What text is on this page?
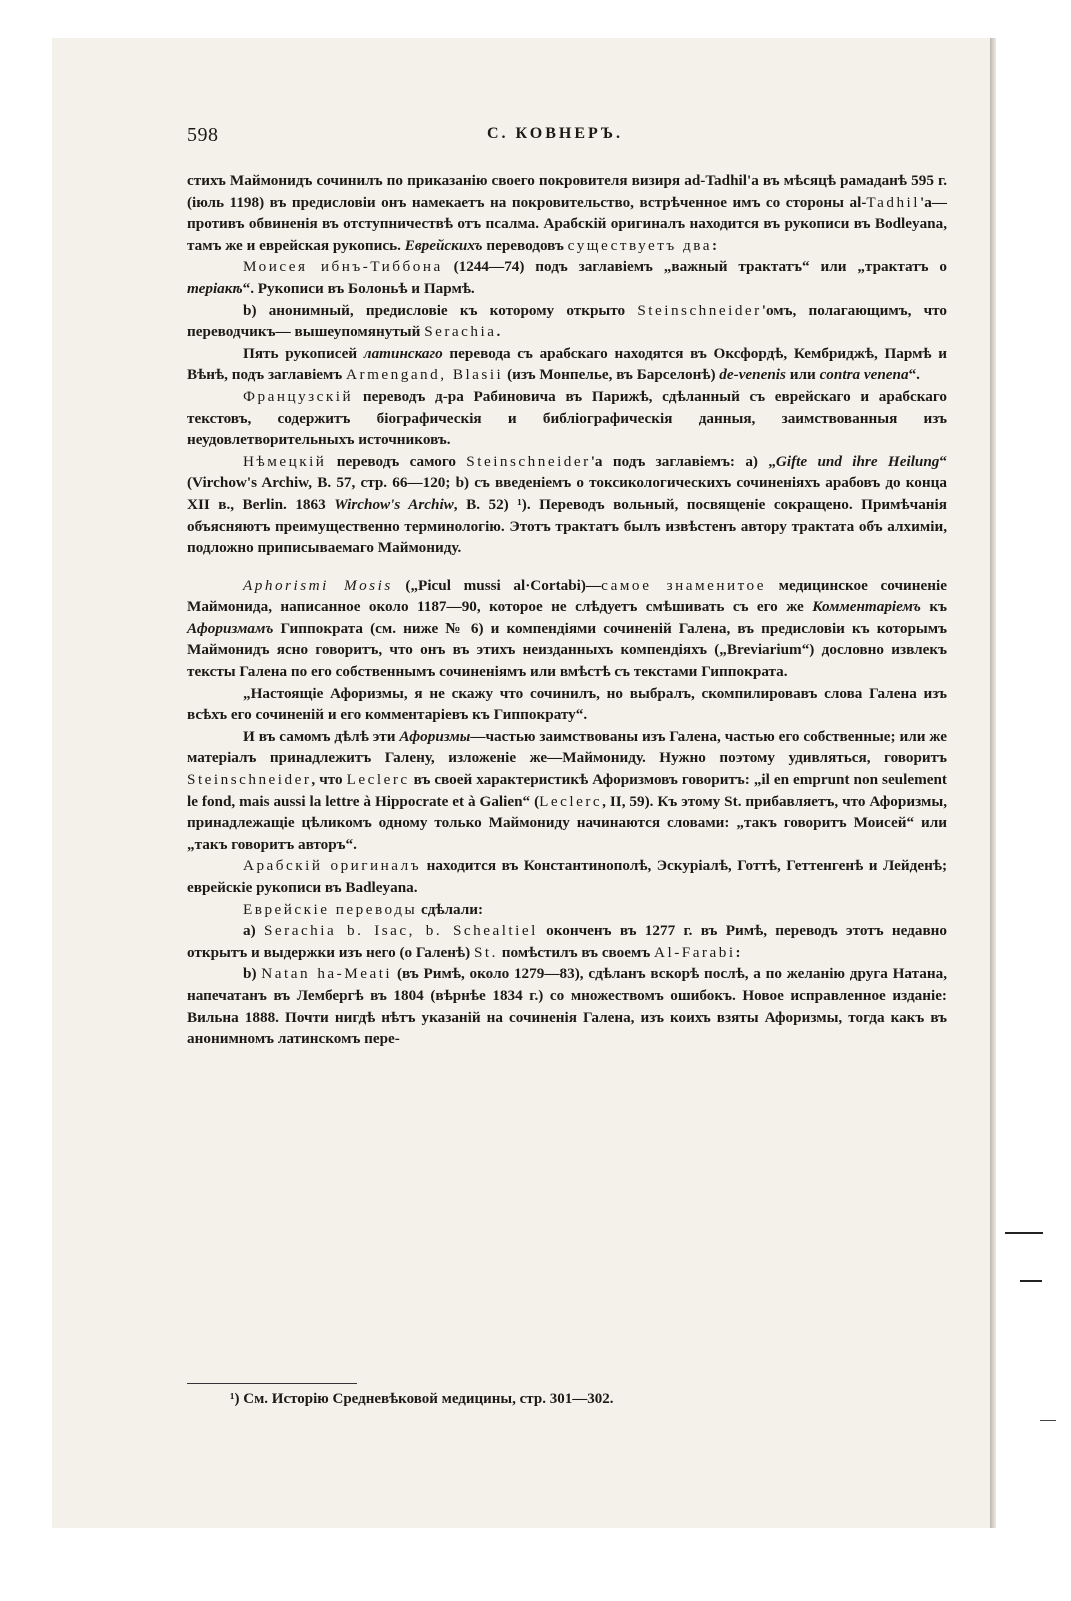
598	С. КОВНЕРЪ.

стихъ Маймонидъ сочинилъ по приказанію своего покровителя визиря ad-Tadhil'a въ мѣсяцѣ рамаданѣ 595 г. (іюль 1198) въ предисловіи онъ намекаетъ на покровительство, встрѣченное имъ со стороны al-Tadhil'a—противъ обвиненія въ отступничествѣ отъ псалма. Арабскій оригиналъ находится въ рукописи въ Bodleyana, тамъ же и еврейская рукопись. Еврейскихъ переводовъ существуетъ два:

Моисея ибнъ-Тиббона (1244—74) подъ заглавіемъ „важный трактатъ“ или „трактатъ о теріакѣ“. Рукописи въ Болоньѣ и Пармѣ.

b) анонимный, предисловіе къ которому открыто Steinschneider'омъ, полагающимъ, что переводчикъ— вышеупомянутый Serachia.

Пять рукописей латинскаго перевода съ арабскаго находятся въ Оксфордѣ, Кембриджѣ, Пармѣ и Вѣнѣ, подъ заглавіемъ Armengand, Blasii (изъ Монпелье, въ Барселонѣ) de-venenis или contra venena“.

Французскій переводъ д-ра Рабиновича въ Парижѣ, сдѣланный съ еврейскаго и арабскаго текстовъ, содержитъ біографическія и библіографическія данныя, заимствованныя изъ неудовлетворительныхъ источниковъ.

Нѣмецкій переводъ самого Steinschneider'a подъ заглавіемъ: a) „Gifte und ihre Heilung“ (Virchow's Archiw, B. 57, стр. 66—120; b) съ введеніемъ о токсикологическихъ сочиненіяхъ арабовъ до конца XII в., Berlin. 1863 Wirchow's Archiw, B. 52) ¹). Переводъ вольный, посвященіе сокращено. Примѣчанія объясняютъ преимущественно терминологію. Этотъ трактатъ былъ извѣстенъ автору трактата объ алхиміи, подложно приписываемаго Маймониду.

Aphorismi Mosis („Picul mussi al·Cortabi)—самое знаменитое медицинское сочиненіе Маймонида, написанное около 1187—90, которое не слѣдуетъ смѣшивать съ его же Комментаріемъ къ Афоризмамъ Гиппократа (см. ниже № 6) и компендіями сочиненій Галена, въ предисловіи къ которымъ Маймонидъ ясно говоритъ, что онъ въ этихъ неизданныхъ компендіяхъ („Breviarium“) дословно извлекъ тексты Галена по его собственнымъ сочиненіямъ или вмѣстѣ съ текстами Гиппократа.

„Настоящіе Афоризмы, я не скажу что сочинилъ, но выбралъ, скомпилировавъ слова Галена изъ всѣхъ его сочиненій и его комментаріевъ къ Гиппократу“.

И въ самомъ дѣлѣ эти Афоризмы—частью заимствованы изъ Галена, частью его собственные; или же матеріалъ принадлежитъ Галену, изложеніе же—Маймониду. Нужно поэтому удивляться, говоритъ Steinschneider, что Leclerc въ своей характеристикѣ Афоризмовъ говоритъ: „il en emprunt non seulement le fond, mais aussi la lettre à Hippocrate et à Galien“ (Leclerc, II, 59). Къ этому St. прибавляетъ, что Афоризмы, принадлежащіе цѣликомъ одному только Маймониду начинаются словами: „такъ говоритъ Моисей“ или „такъ говоритъ авторъ“.

Арабскій оригиналъ находится въ Константинополѣ, Эскуріалѣ, Готтѣ, Геттенгенѣ и Лейденѣ; еврейскіе рукописи въ Badleyana.

Еврейскіе переводы сдѣлали:

a) Serachia b. Isac, b. Schealtiel оконченъ въ 1277 г. въ Римѣ, переводъ этотъ недавно открытъ и выдержки изъ него (о Галенѣ) St. помѣстилъ въ своемъ Al-Farabi:

b) Natan ha-Meati (въ Римѣ, около 1279—83), сдѣланъ вскорѣ послѣ, а по желанію друга Натана, напечатанъ въ Лембергѣ въ 1804 (вѣрнѣе 1834 г.) со множествомъ ошибокъ. Новое исправленное изданіе: Вильна 1888. Почти нигдѣ нѣтъ указаній на сочиненія Галена, изъ коихъ взяты Афоризмы, тогда какъ въ анонимномъ латинскомъ пере-

¹) См. Исторію Средневѣковой медицины, стр. 301—302.
